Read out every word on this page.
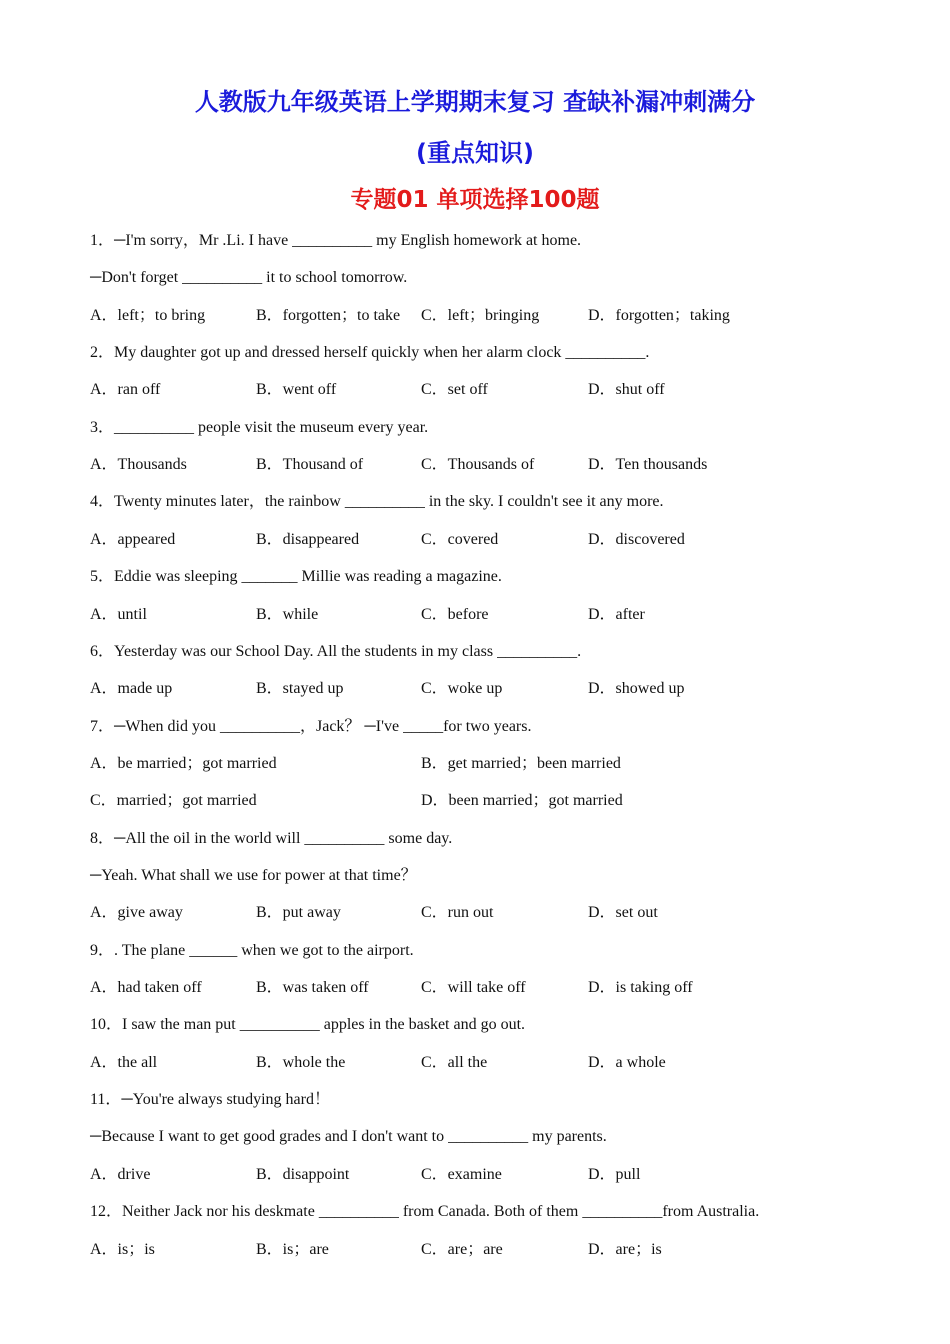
人教版九年级英语上学期期末复习 查缺补漏冲刺满分
(重点知识)
专题01 单项选择100题
1．─I'm sorry，Mr .Li. I have __________ my English homework at home.
─Don't forget __________ it to school tomorrow.
A．left；to bring	B．forgotten；to take C．left；bringing	D．forgotten；taking
2．My daughter got up and dressed herself quickly when her alarm clock __________.
A．ran off	B．went off	C．set off	D．shut off
3．__________ people visit the museum every year.
A．Thousands	B．Thousand of	C．Thousands of	D．Ten thousands
4．Twenty minutes later，the rainbow __________ in the sky. I couldn't see it any more.
A．appeared	B．disappeared	C．covered	D．discovered
5．Eddie was sleeping _______ Millie was reading a magazine.
A．until	B．while	C．before	D．after
6．Yesterday was our School Day. All the students in my class __________.
A．made up	B．stayed up	C．woke up	D．showed up
7．─When did you __________，Jack？ ─I've _____for two years.
A．be married；got married	B．get married；been married
C．married；got married	D．been married；got married
8．─All the oil in the world will __________ some day.
─Yeah. What shall we use for power at that time？
A．give away	B．put away	C．run out	D．set out
9．. The plane ______ when we got to the airport.
A．had taken off	B．was taken off	C．will take off	D．is taking off
10．I saw the man put __________ apples in the basket and go out.
A．the all	B．whole the	C．all the	D．a whole
11．─You're always studying hard！
─Because I want to get good grades and I don't want to __________ my parents.
A．drive	B．disappoint	C．examine	D．pull
12．Neither Jack nor his deskmate __________ from Canada. Both of them __________from Australia.
A．is；is	B．is；are	C．are；are	D．are；is
